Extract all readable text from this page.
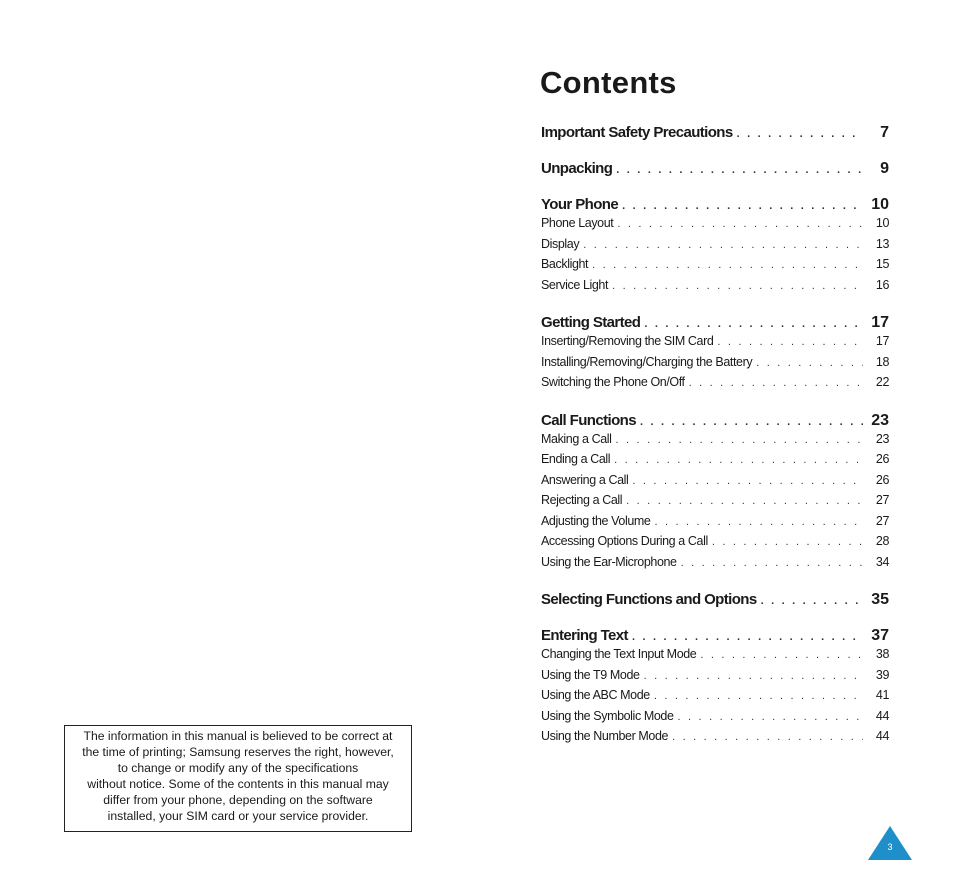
Contents
Important Safety Precautions . . .	7
Unpacking . . .	9
Your Phone . . .	10
Phone Layout . . .	10
Display . . .	13
Backlight . . .	15
Service Light . . .	16
Getting Started . . .	17
Inserting/Removing the SIM Card . . .	17
Installing/Removing/Charging the Battery . . .	18
Switching the Phone On/Off . . .	22
Call Functions . . .	23
Making a Call . . .	23
Ending a Call . . .	26
Answering a Call . . .	26
Rejecting a Call . . .	27
Adjusting the Volume . . .	27
Accessing Options During a Call . . .	28
Using the Ear-Microphone . . .	34
Selecting Functions and Options . . .	35
Entering Text . . .	37
Changing the Text Input Mode . . .	38
Using the T9 Mode . . .	39
Using the ABC Mode . . .	41
Using the Symbolic Mode . . .	44
Using the Number Mode . . .	44
The information in this manual is believed to be correct at
the time of printing; Samsung reserves the right, however,
to change or modify any of the specifications
without notice. Some of the contents in this manual may
differ from your phone, depending on the software
installed, your SIM card or your service provider.
3
